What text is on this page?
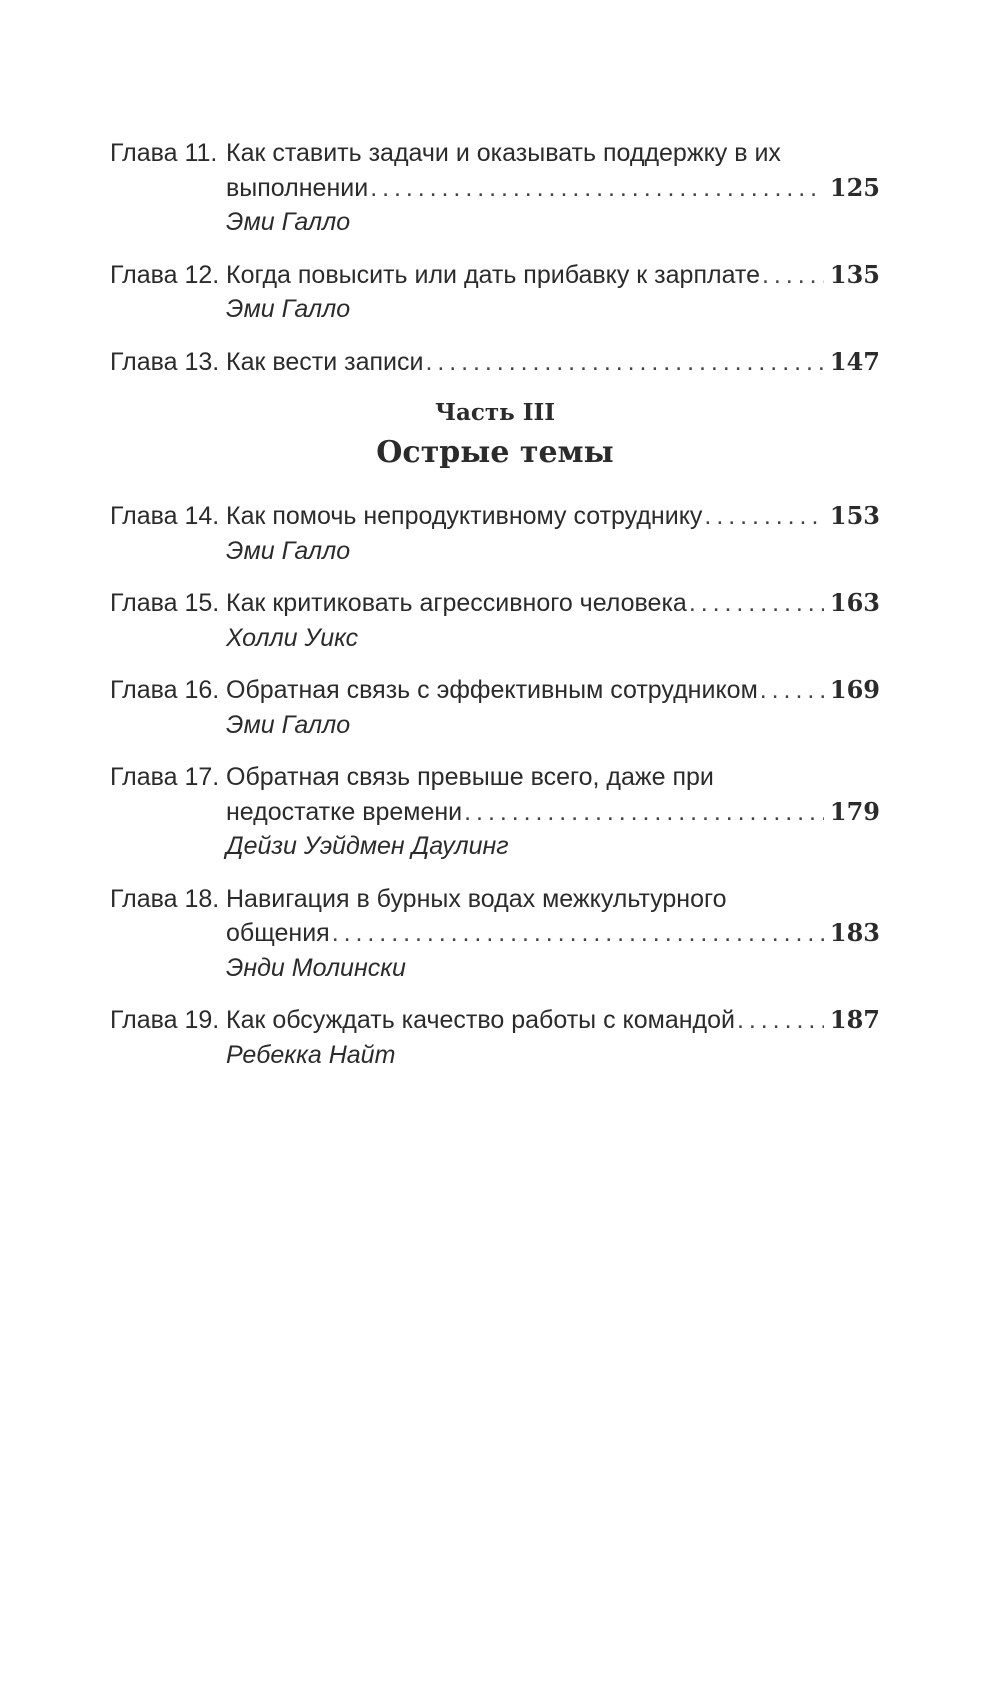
Глава 11. Как ставить задачи и оказывать поддержку в их
выполнении . . .	125
Эми Галло
Глава 12. Когда повысить или дать прибавку к зарплате . . .	135
Эми Галло
Глава 13. Как вести записи . . .	147
Часть III
Острые темы
Глава 14. Как помочь непродуктивному сотруднику . . .	153
Эми Галло
Глава 15. Как критиковать агрессивного человека . . .	163
Холли Уикс
Глава 16. Обратная связь с эффективным сотрудником . . .	169
Эми Галло
Глава 17. Обратная связь превыше всего, даже при
недостатке времени . . .	179
Дейзи Уэйдмен Даулинг
Глава 18. Навигация в бурных водах межкультурного
общения . . .	183
Энди Молински
Глава 19. Как обсуждать качество работы с командой . . .	187
Ребекка Найт
